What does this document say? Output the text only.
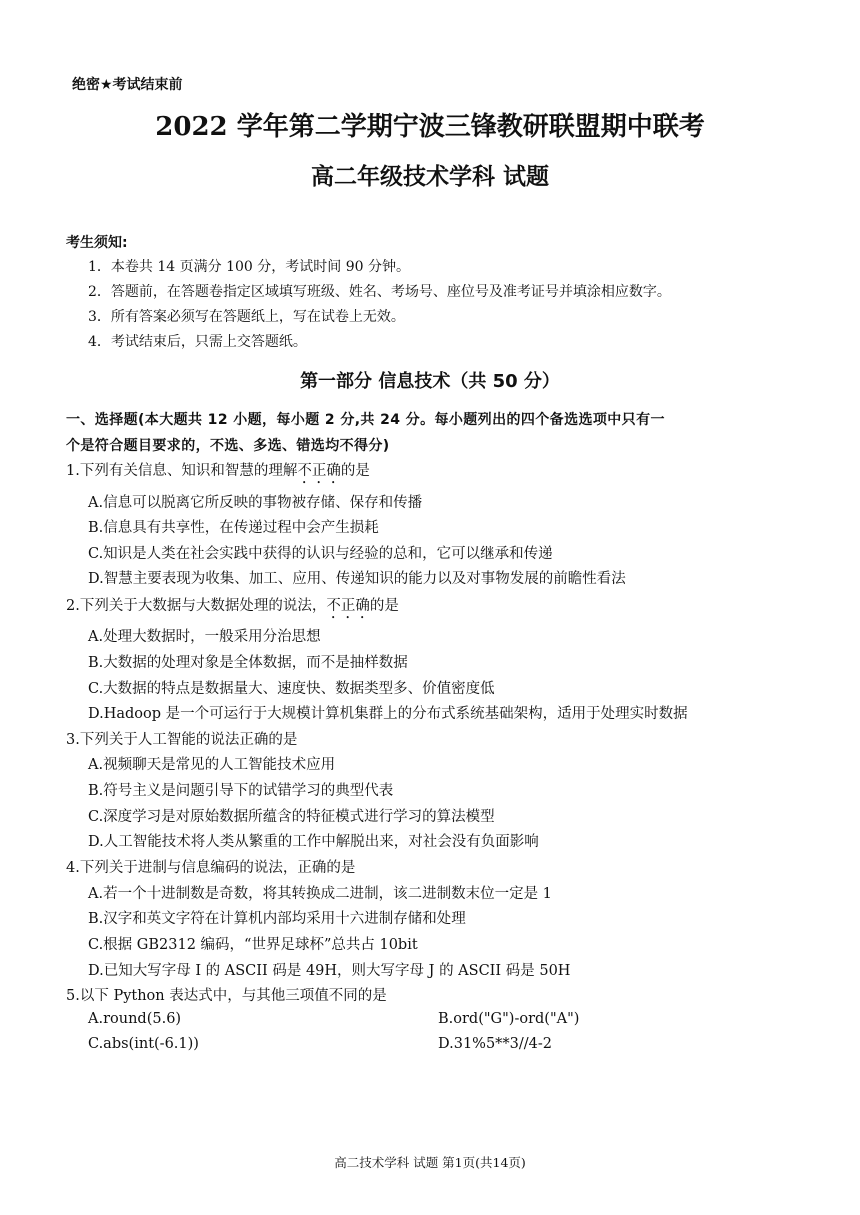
绝密★考试结束前
2022 学年第二学期宁波三锋教研联盟期中联考
高二年级技术学科 试题
考生须知:
1．本卷共 14 页满分 100 分，考试时间 90 分钟。
2．答题前，在答题卷指定区域填写班级、姓名、考场号、座位号及准考证号并填涂相应数字。
3．所有答案必须写在答题纸上，写在试卷上无效。
4．考试结束后，只需上交答题纸。
第一部分 信息技术（共 50 分）
一、选择题(本大题共 12 小题，每小题 2 分,共 24 分。每小题列出的四个备选选项中只有一
个是符合题目要求的，不选、多选、错选均不得分)
1.下列有关信息、知识和智慧的理解不正确的是
A.信息可以脱离它所反映的事物被存储、保存和传播
B.信息具有共享性，在传递过程中会产生损耗
C.知识是人类在社会实践中获得的认识与经验的总和，它可以继承和传递
D.智慧主要表现为收集、加工、应用、传递知识的能力以及对事物发展的前瞻性看法
2.下列关于大数据与大数据处理的说法，不正确的是
A.处理大数据时，一般采用分治思想
B.大数据的处理对象是全体数据，而不是抽样数据
C.大数据的特点是数据量大、速度快、数据类型多、价值密度低
D.Hadoop 是一个可运行于大规模计算机集群上的分布式系统基础架构，适用于处理实时数据
3.下列关于人工智能的说法正确的是
A.视频聊天是常见的人工智能技术应用
B.符号主义是问题引导下的试错学习的典型代表
C.深度学习是对原始数据所蕴含的特征模式进行学习的算法模型
D.人工智能技术将人类从繁重的工作中解脱出来，对社会没有负面影响
4.下列关于进制与信息编码的说法，正确的是
A.若一个十进制数是奇数，将其转换成二进制，该二进制数末位一定是 1
B.汉字和英文字符在计算机内部均采用十六进制存储和处理
C.根据 GB2312 编码，“世界足球杯”总共占 10bit
D.已知大写字母 I 的 ASCII 码是 49H，则大写字母 J 的 ASCII 码是 50H
5.以下 Python 表达式中，与其他三项值不同的是
A.round(5.6)	B.ord("G")-ord("A")
C.abs(int(-6.1))	D.31%5**3//4-2
高二技术学科 试题 第1页(共14页)
